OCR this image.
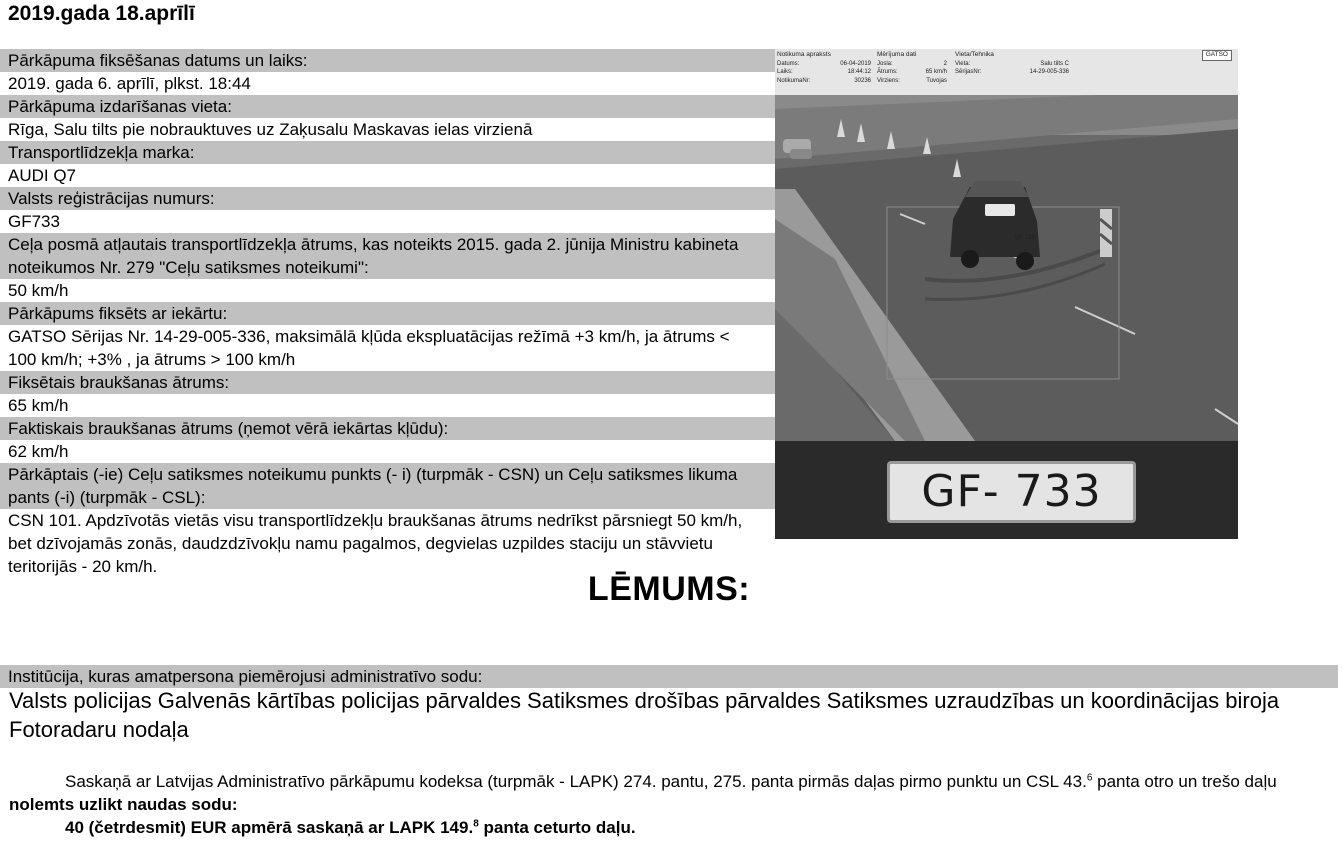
2019.gada 18.aprīlī
Pārkāpuma fiksēšanas datums un laiks:
2019. gada 6. aprīlī, plkst. 18:44
Pārkāpuma izdarīšanas vieta:
Rīga, Salu tilts pie nobrauktuves uz Zaķusalu Maskavas ielas virzienā
Transportlīdzekļa marka:
AUDI Q7
Valsts reģistrācijas numurs:
GF733
Ceļa posmā atļautais transportlīdzekļa ātrums, kas noteikts 2015. gada 2. jūnija Ministru kabineta noteikumos Nr. 279 "Ceļu satiksmes noteikumi":
50 km/h
Pārkāpums fiksēts ar iekārtu:
GATSO Sērijas Nr. 14-29-005-336, maksimālā kļūda ekspluatācijas režīmā +3 km/h, ja ātrums < 100 km/h; +3% , ja ātrums > 100 km/h
Fiksētais braukšanas ātrums:
65 km/h
Faktiskais braukšanas ātrums (ņemot vērā iekārtas kļūdu):
62 km/h
Pārkāptais (-ie) Ceļu satiksmes noteikumu punkts (- i) (turpmāk - CSN) un Ceļu satiksmes likuma pants (-i) (turpmāk - CSL):
CSN 101. Apdzīvotās vietās visu transportlīdzekļu braukšanas ātrums nedrīkst pārsniegt 50 km/h, bet dzīvojamās zonās, daudzdzīvokļu namu pagalmos, degvielas uzpildes staciju un stāvvietu teritorijās - 20 km/h.
Notikuma apraksts
Datums:	06-04-2019
Laiks:	18:44:12
NotikumaNr:	30236
Mērījuma dati
Josla:	2
Ātrums:	65 km/h
Virziens:	Tuvojas
Vieta/Tehnika
Vieta:	Salu tilts C
SērijasNr:	14-29-005-336
GATSO
GF 733
GF- 733
LĒMUMS:
Institūcija, kuras amatpersona piemērojusi administratīvo sodu:
Valsts policijas Galvenās kārtības policijas pārvaldes Satiksmes drošības pārvaldes Satiksmes uzraudzības un koordinācijas biroja Fotoradaru nodaļa
Saskaņā ar Latvijas Administratīvo pārkāpumu kodeksa (turpmāk - LAPK) 274. pantu, 275. panta pirmās daļas pirmo punktu un CSL 43.$^6$ panta otro un trešo daļu   nolemts uzlikt naudas sodu:
40 (četrdesmit) EUR apmērā saskaņā ar LAPK 149.$^8$ panta ceturto daļu.
